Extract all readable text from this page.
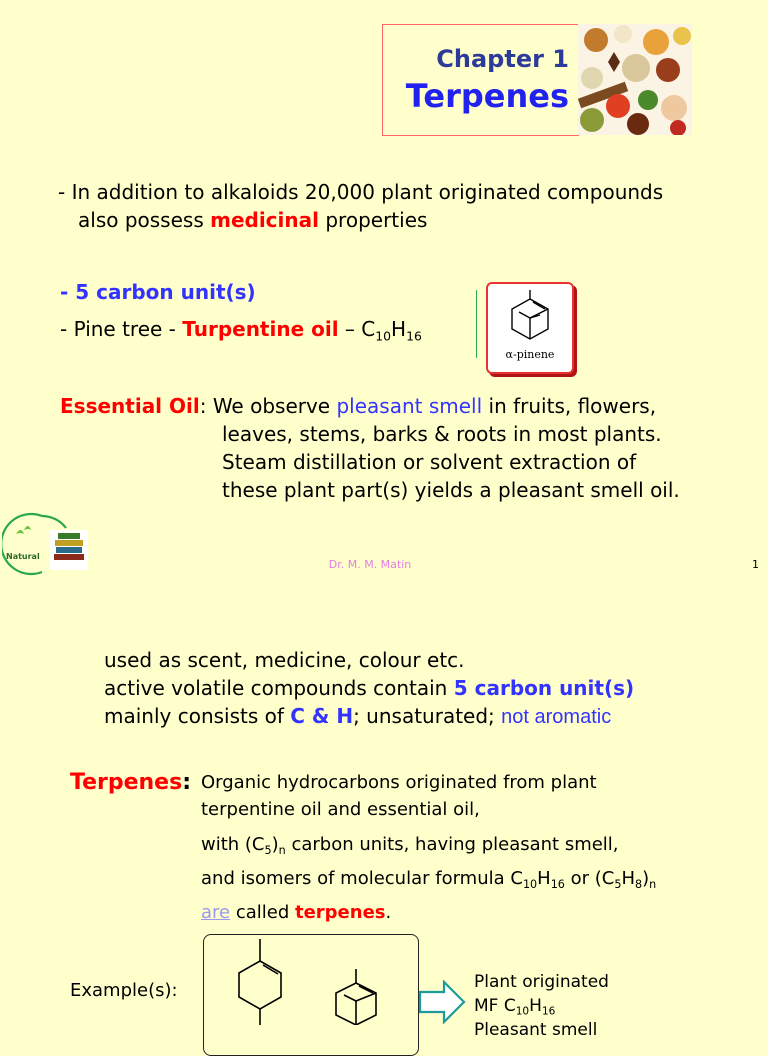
Chapter 1
Terpenes
- In addition to alkaloids 20,000 plant originated compounds
also possess medicinal properties
- 5 carbon unit(s)
- Pine tree - Turpentine oil – $C_{10}H_{16}$
α-pinene
Essential Oil: We observe pleasant smell in fruits, flowers,
leaves, stems, barks & roots in most plants.
Steam distillation or solvent extraction of
these plant part(s) yields a pleasant smell oil.
Natural
Dr. M. M. Matin	1
used as scent, medicine, colour etc.
active volatile compounds contain 5 carbon unit(s)
mainly consists of C & H; unsaturated; not aromatic
Terpenes: Organic hydrocarbons originated from plant
terpentine oil and essential oil,
with $(C_5)_n$ carbon units, having pleasant smell,
and isomers of molecular formula $C_{10}H_{16}$ or $(C_5H_8)_n$
are called terpenes.
Example(s):	Plant originated
MF $C_{10}H_{16}$
Pleasant smell
